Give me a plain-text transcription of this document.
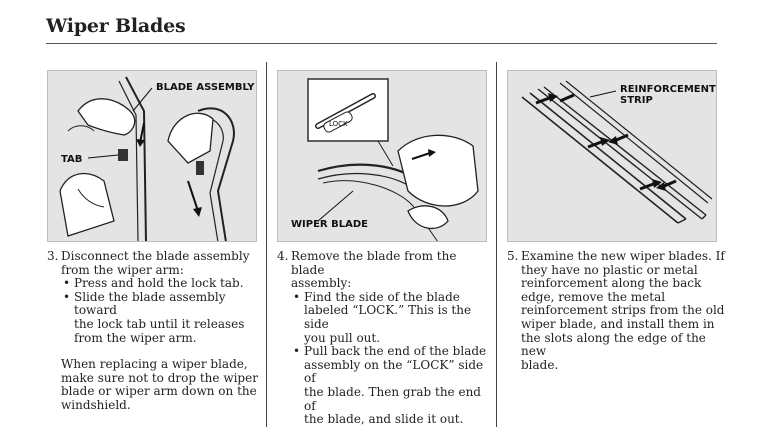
Wiper Blades
BLADE ASSEMBLY
TAB
LOCK
WIPER BLADE
REINFORCEMENT
STRIP
3. Disconnect the blade assembly
from the wiper arm:
• Press and hold the lock tab.
• Slide the blade assembly toward
the lock tab until it releases
from the wiper arm.
When replacing a wiper blade,
make sure not to drop the wiper
blade or wiper arm down on the
windshield.
4. Remove the blade from the blade
assembly:
• Find the side of the blade
labeled “LOCK.” This is the side
you pull out.
• Pull back the end of the blade
assembly on the “LOCK” side of
the blade. Then grab the end of
the blade, and slide it out.
5. Examine the new wiper blades. If
they have no plastic or metal
reinforcement along the back
edge, remove the metal
reinforcement strips from the old
wiper blade, and install them in
the slots along the edge of the new
blade.
